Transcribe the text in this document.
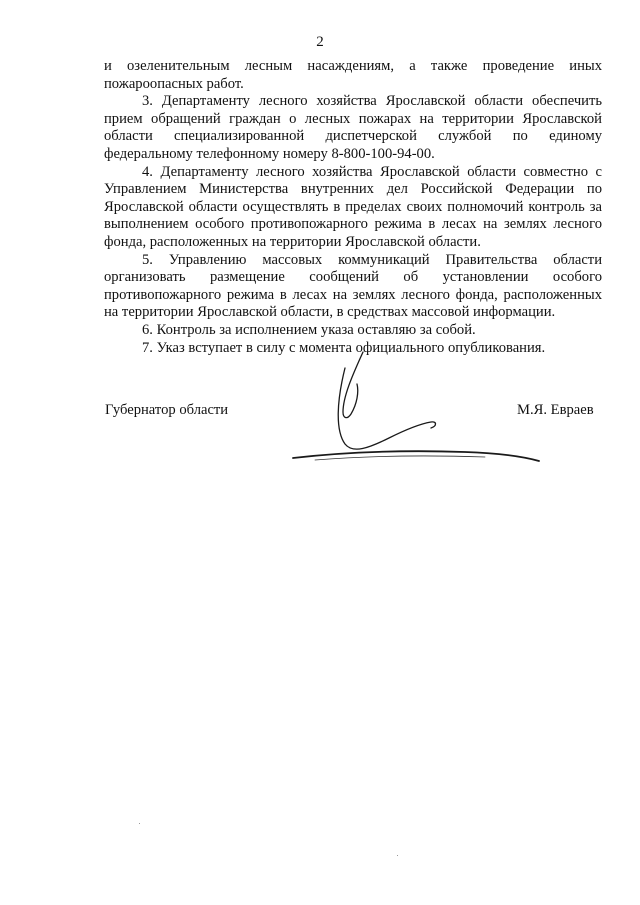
2

и озеленительным лесным насаждениям, а также проведение иных пожароопасных работ.

3. Департаменту лесного хозяйства Ярославской области обеспечить прием обращений граждан о лесных пожарах на территории Ярославской области специализированной диспетчерской службой по единому федеральному телефонному номеру 8-800-100-94-00.

4. Департаменту лесного хозяйства Ярославской области совместно с Управлением Министерства внутренних дел Российской Федерации по Ярославской области осуществлять в пределах своих полномочий контроль за выполнением особого противопожарного режима в лесах на землях лесного фонда, расположенных на территории Ярославской области.

5. Управлению массовых коммуникаций Правительства области организовать размещение сообщений об установлении особого противопожарного режима в лесах на землях лесного фонда, расположенных на территории Ярославской области, в средствах массовой информации.

6. Контроль за исполнением указа оставляю за собой.

7. Указ вступает в силу с момента официального опубликования.

Губернатор области	М.Я. Евраев
